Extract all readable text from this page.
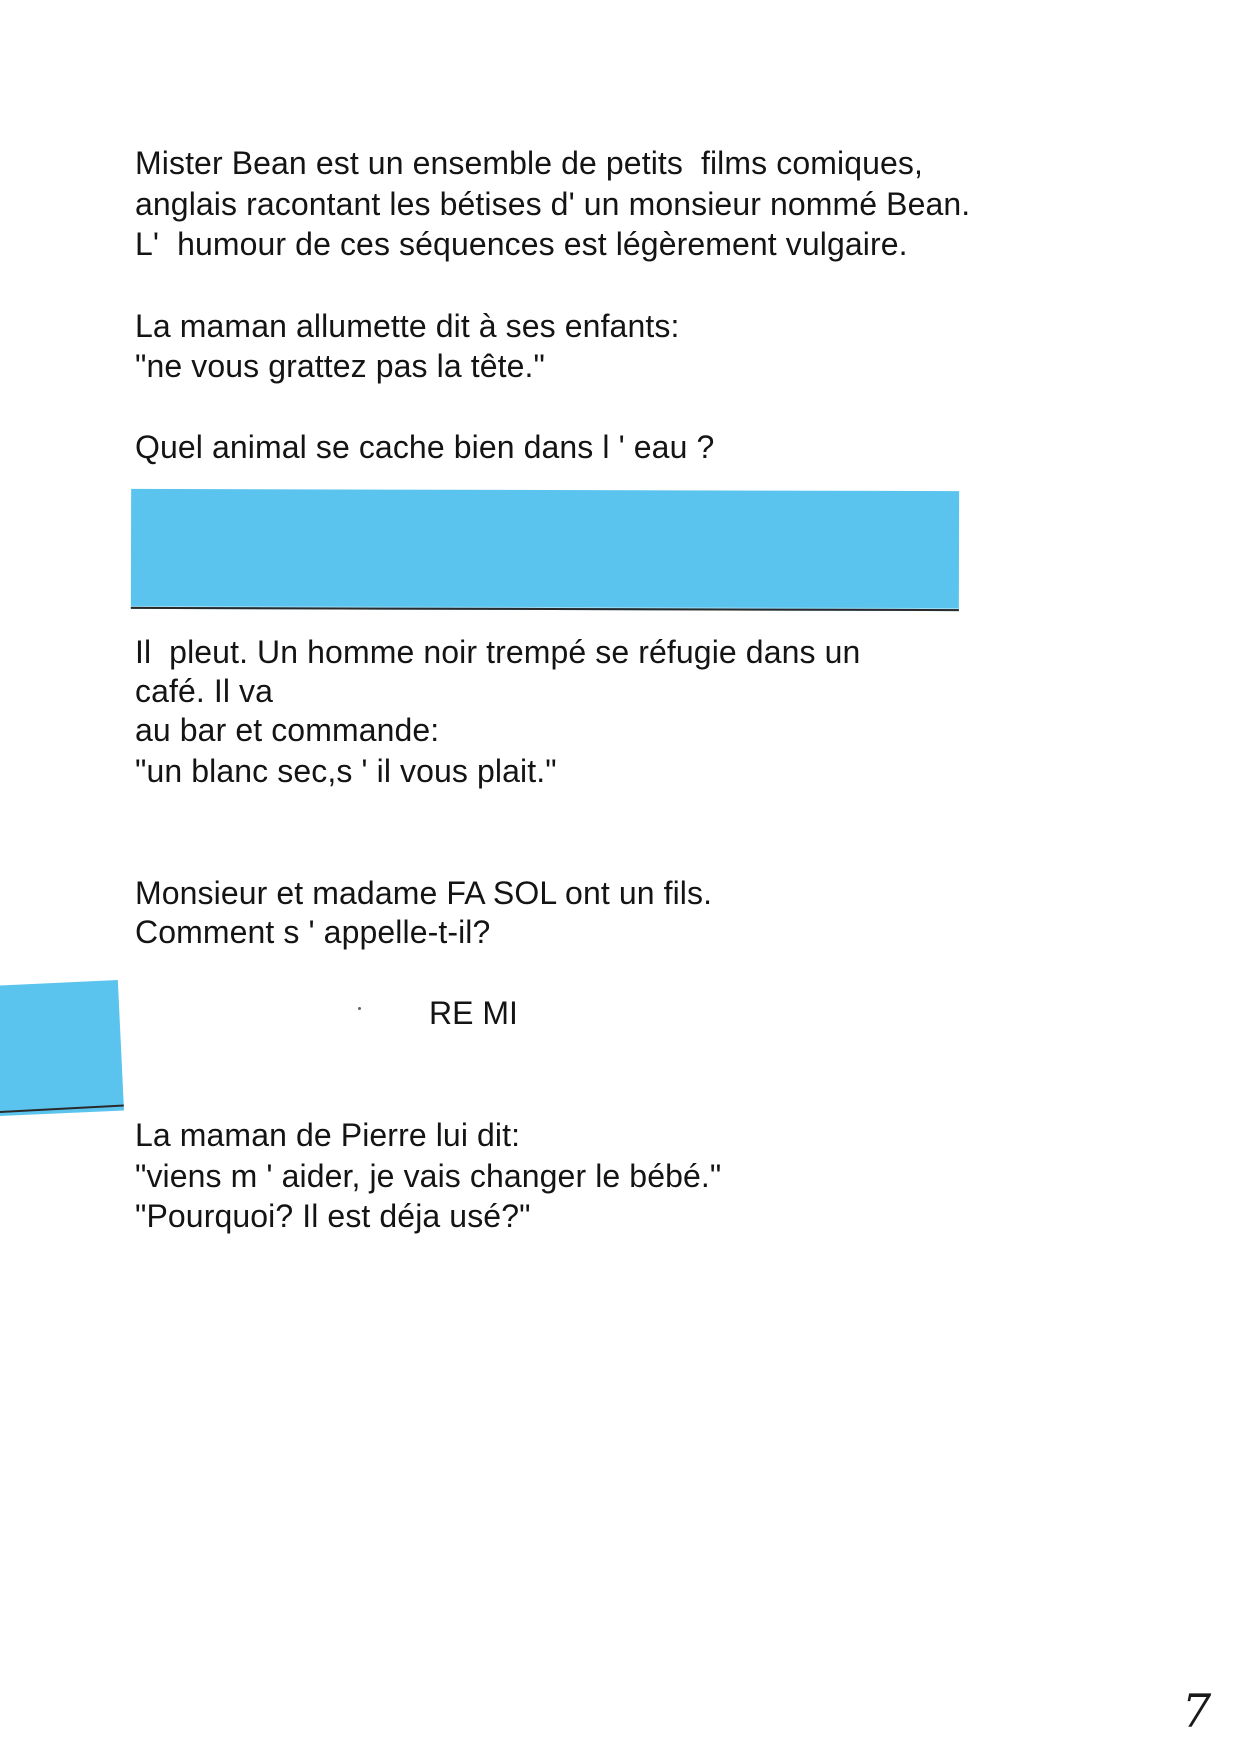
Mister Bean est un ensemble de petits  films comiques,
anglais racontant les bétises d' un monsieur nommé Bean.
L'  humour de ces séquences est légèrement vulgaire.
La maman allumette dit à ses enfants:
"ne vous grattez pas la tête."
Quel animal se cache bien dans l ' eau ?
Il  pleut. Un homme noir trempé se réfugie dans un
café. Il va
au bar et commande:
"un blanc sec,s ' il vous plait."
Monsieur et madame FA SOL ont un fils.
Comment s ' appelle-t-il?
RE MI
La maman de Pierre lui dit:
"viens m ' aider, je vais changer le bébé."
"Pourquoi? Il est déja usé?"
7
